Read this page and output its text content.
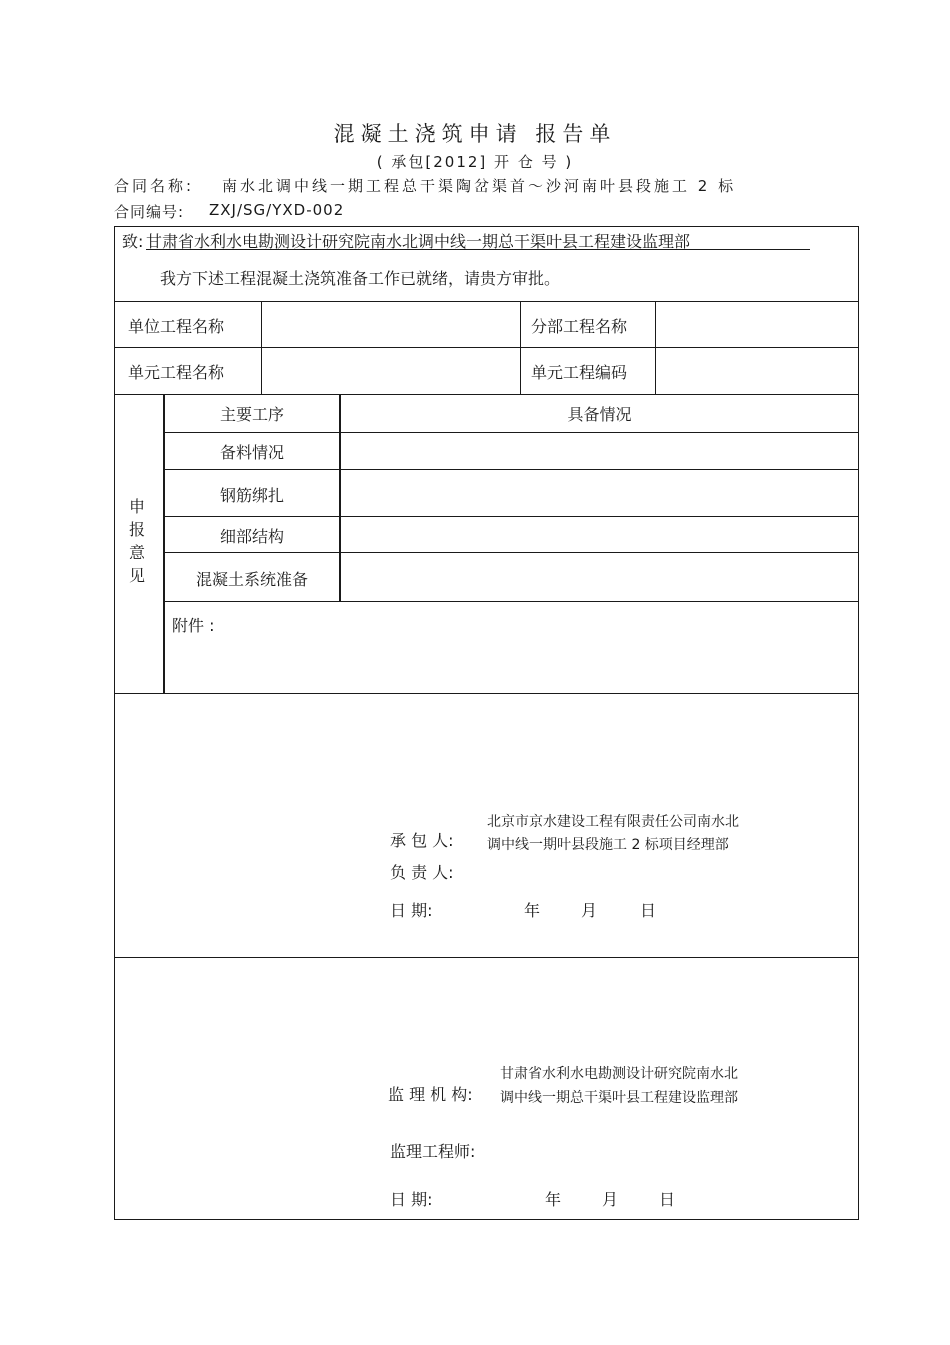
混凝土浇筑申请 报告单
( 承包[2012] 开 仓 号 )
合同名称: 南水北调中线一期工程总干渠陶岔渠首～沙河南叶县段施工 2 标
合同编号: ZXJ/SG/YXD-002
致: 甘肃省水利水电勘测设计研究院南水北调中线一期总干渠叶县工程建设监理部
我方下述工程混凝土浇筑准备工作已就绪，请贵方审批。
单位工程名称	分部工程名称
单元工程名称	单元工程编码
申报意见
主要工序	具备情况
备料情况
钢筋绑扎
细部结构
混凝土系统准备
附件 :
承 包 人:
北京市京水建设工程有限责任公司南水北
调中线一期叶县段施工 2 标项目经理部
负 责 人:
日 期:	年	月	日
监 理 机 构:
甘肃省水利水电勘测设计研究院南水北
调中线一期总干渠叶县工程建设监理部
监理工程师:
日 期:	年	月	日
